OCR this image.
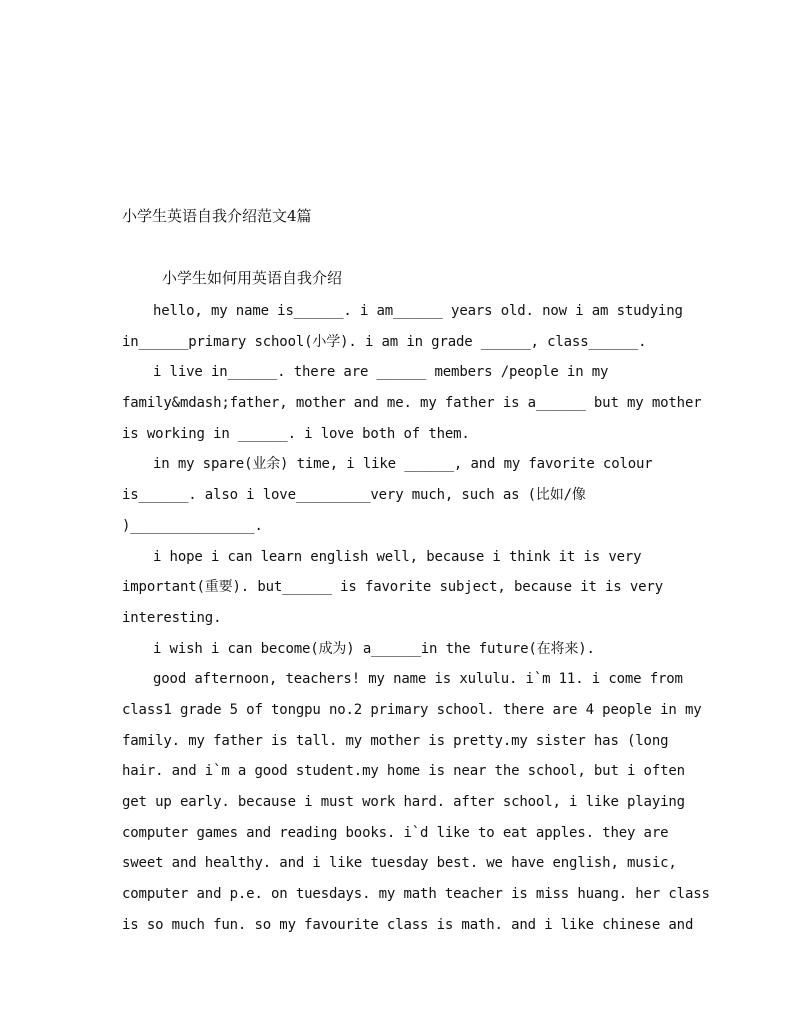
小学生英语自我介绍范文4篇
小学生如何用英语自我介绍
hello, my name is______. i am______ years old. now i am studying
in______primary school(小学). i am in grade ______, class______.
i live in______. there are ______ members /people in my
family&mdash;father, mother and me. my father is a______ but my mother
is working in ______. i love both of them.
in my spare(业余) time, i like ______, and my favorite colour
is______. also i love_________very much, such as (比如/像
)_______________.
i hope i can learn english well, because i think it is very
important(重要). but______ is favorite subject, because it is very
interesting.
i wish i can become(成为) a______in the future(在将来).
good afternoon, teachers! my name is xululu. i`m 11. i come from
class1 grade 5 of tongpu no.2 primary school. there are 4 people in my
family. my father is tall. my mother is pretty.my sister has (long
hair. and i`m a good student.my home is near the school, but i often
get up early. because i must work hard. after school, i like playing
computer games and reading books. i`d like to eat apples. they are
sweet and healthy. and i like tuesday best. we have english, music,
computer and p.e. on tuesdays. my math teacher is miss huang. her class
is so much fun. so my favourite class is math. and i like chinese and
